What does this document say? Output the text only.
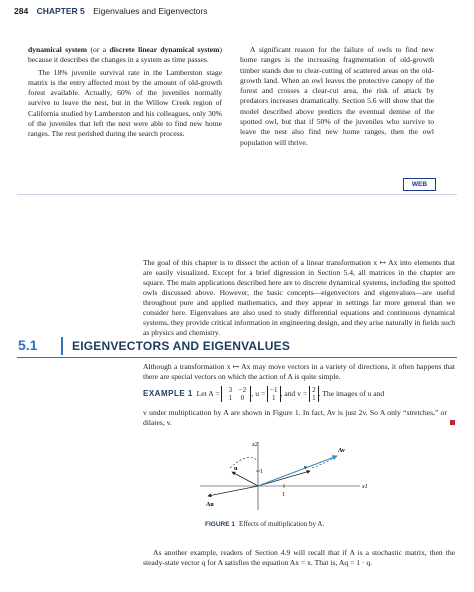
284 CHAPTER 5 Eigenvalues and Eigenvectors

dynamical system (or a discrete linear dynamical system) because it describes the changes in a system as time passes.

The 18% juvenile survival rate in the Lamberston stage matrix is the entry affected most by the amount of old-growth forest available. Actually, 60% of the juveniles normally survive to leave the nest, but in the Willow Creek region of California studied by Lamberston and his colleagues, only 30% of the juveniles that left the nest were able to find new home ranges. The rest perished during the search process.

A significant reason for the failure of owls to find new home ranges is the increasing fragmentation of old-growth timber stands due to clear-cutting of scattered areas on the old-growth land. When an owl leaves the protective canopy of the forest and crosses a clear-cut area, the risk of attack by predators increases dramatically. Section 5.6 will show that the model described above predicts the eventual demise of the spotted owl, but that if 50% of the juveniles who survive to leave the nest also find new home ranges, then the owl population will thrive.

WEB
The goal of this chapter is to dissect the action of a linear transformation x ↦ Ax into elements that are easily visualized. Except for a brief digression in Section 5.4, all matrices in the chapter are square. The main applications described here are to discrete dynamical systems, including the spotted owls discussed above. However, the basic concepts—eigenvectors and eigenvalues—are useful throughout pure and applied mathematics, and they appear in settings far more general than we consider here. Eigenvalues are also used to study differential equations and continuous dynamical systems, they provide critical information in engineering design, and they arise naturally in fields such as physics and chemistry.
5.1	EIGENVECTORS AND EIGENVALUES
Although a transformation x ↦ Ax may move vectors in a variety of directions, it often happens that there are special vectors on which the action of A is quite simple.
EXAMPLE 1 Let A =	3 −2
1 0
, u = −1
1
, and v = 2
1
. The images of u and
v under multiplication by A are shown in Figure 1. In fact, Av is just 2v. So A only “stretches,” or dilates, v.
x1
x2
1
1
u
Au
v
Av
FIGURE 1 Effects of multiplication by A.
As another example, readers of Section 4.9 will recall that if A is a stochastic matrix, then the steady-state vector q for A satisfies the equation Ax = x. That is, Aq = 1 · q.
